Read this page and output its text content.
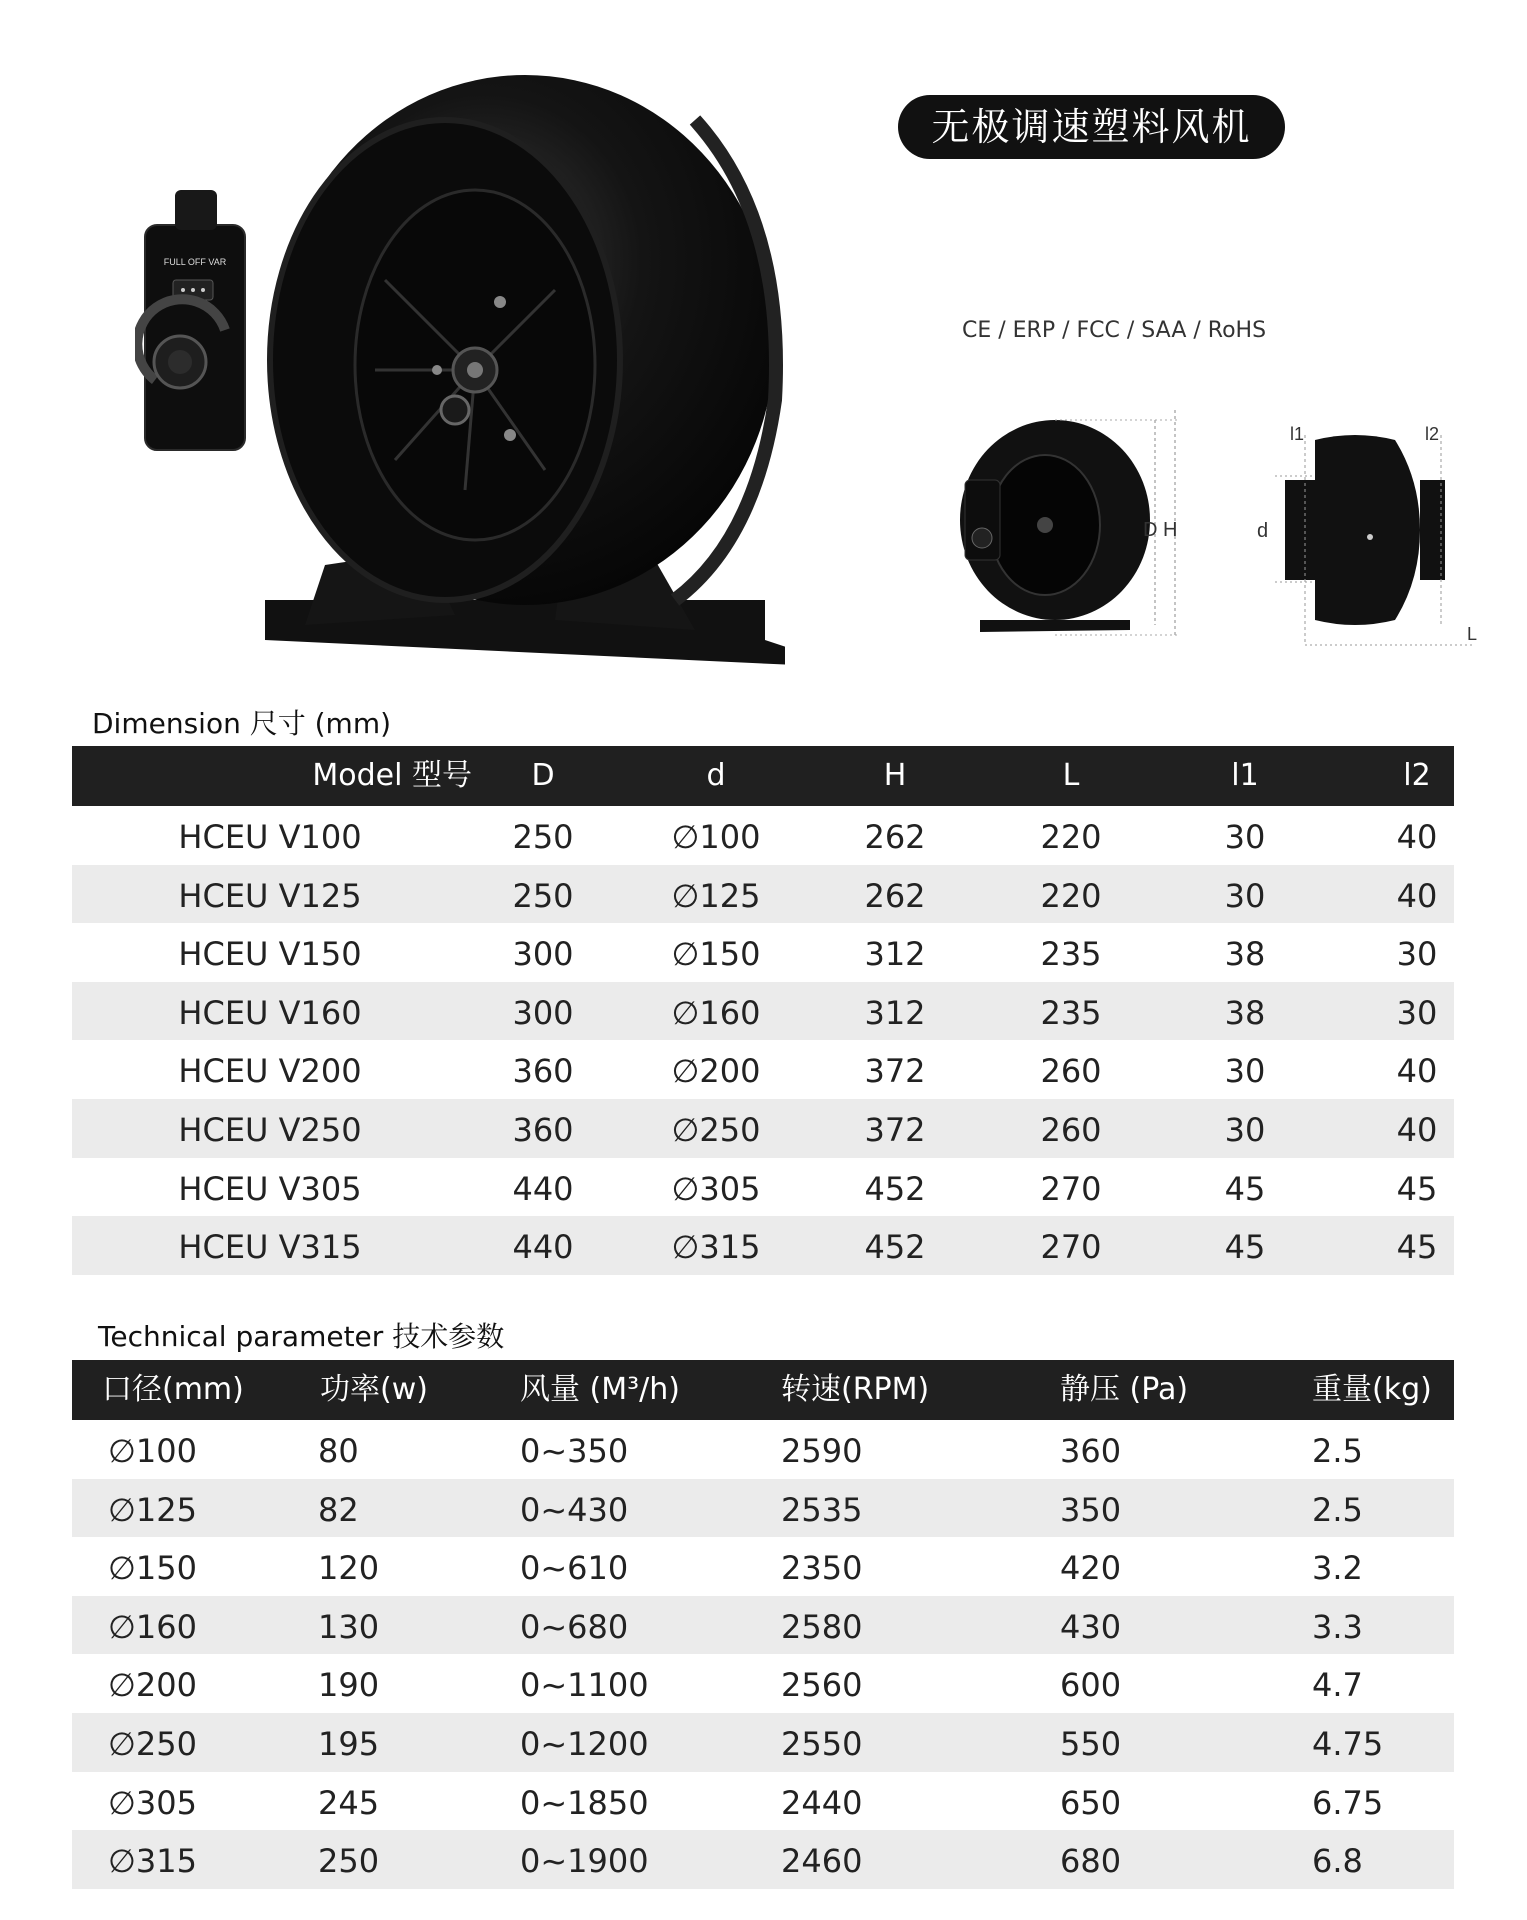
FULL OFF VAR
无极调速塑料风机
CE / ERP / FCC / SAA / RoHS
D H
l1	l2
d
L
Dimension 尺寸 (mm)
Model 型号	D	d	H	L	l1	l2
HCEU V100	250	∅100	262	220	30	40
HCEU V125	250	∅125	262	220	30	40
HCEU V150	300	∅150	312	235	38	30
HCEU V160	300	∅160	312	235	38	30
HCEU V200	360	∅200	372	260	30	40
HCEU V250	360	∅250	372	260	30	40
HCEU V305	440	∅305	452	270	45	45
HCEU V315	440	∅315	452	270	45	45
Technical parameter 技术参数
口径(mm)	功率(w)	风量 (M³/h)	转速(RPM)	静压 (Pa)	重量(kg)
∅100	80	0~350	2590	360	2.5
∅125	82	0~430	2535	350	2.5
∅150	120	0~610	2350	420	3.2
∅160	130	0~680	2580	430	3.3
∅200	190	0~1100	2560	600	4.7
∅250	195	0~1200	2550	550	4.75
∅305	245	0~1850	2440	650	6.75
∅315	250	0~1900	2460	680	6.8
